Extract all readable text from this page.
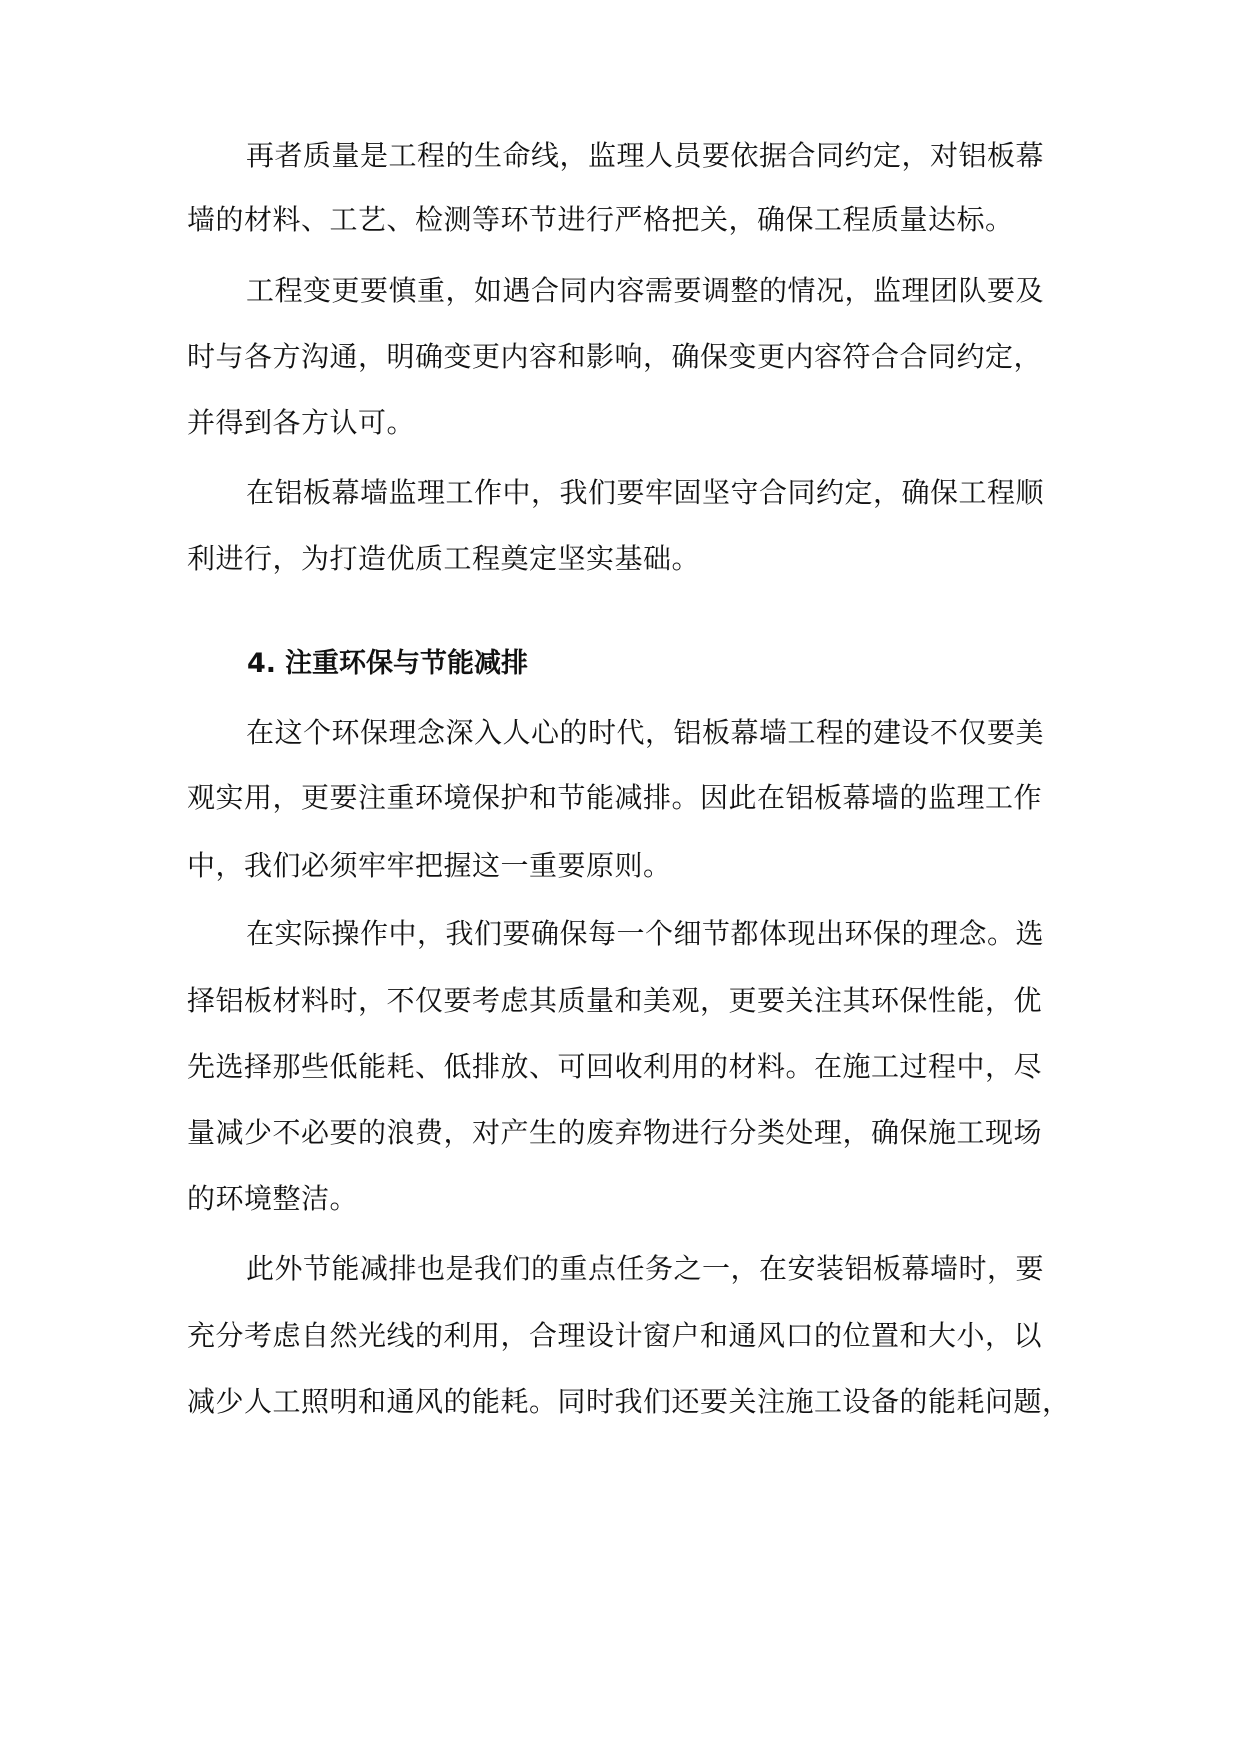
再者质量是工程的生命线，监理人员要依据合同约定，对铝板幕
墙的材料、工艺、检测等环节进行严格把关，确保工程质量达标。
工程变更要慎重，如遇合同内容需要调整的情况，监理团队要及
时与各方沟通，明确变更内容和影响，确保变更内容符合合同约定，
并得到各方认可。
在铝板幕墙监理工作中，我们要牢固坚守合同约定，确保工程顺
利进行，为打造优质工程奠定坚实基础。
4. 注重环保与节能减排
在这个环保理念深入人心的时代，铝板幕墙工程的建设不仅要美
观实用，更要注重环境保护和节能减排。因此在铝板幕墙的监理工作
中，我们必须牢牢把握这一重要原则。
在实际操作中，我们要确保每一个细节都体现出环保的理念。选
择铝板材料时，不仅要考虑其质量和美观，更要关注其环保性能，优
先选择那些低能耗、低排放、可回收利用的材料。在施工过程中，尽
量减少不必要的浪费，对产生的废弃物进行分类处理，确保施工现场
的环境整洁。
此外节能减排也是我们的重点任务之一，在安装铝板幕墙时，要
充分考虑自然光线的利用，合理设计窗户和通风口的位置和大小，以
减少人工照明和通风的能耗。同时我们还要关注施工设备的能耗问题，
